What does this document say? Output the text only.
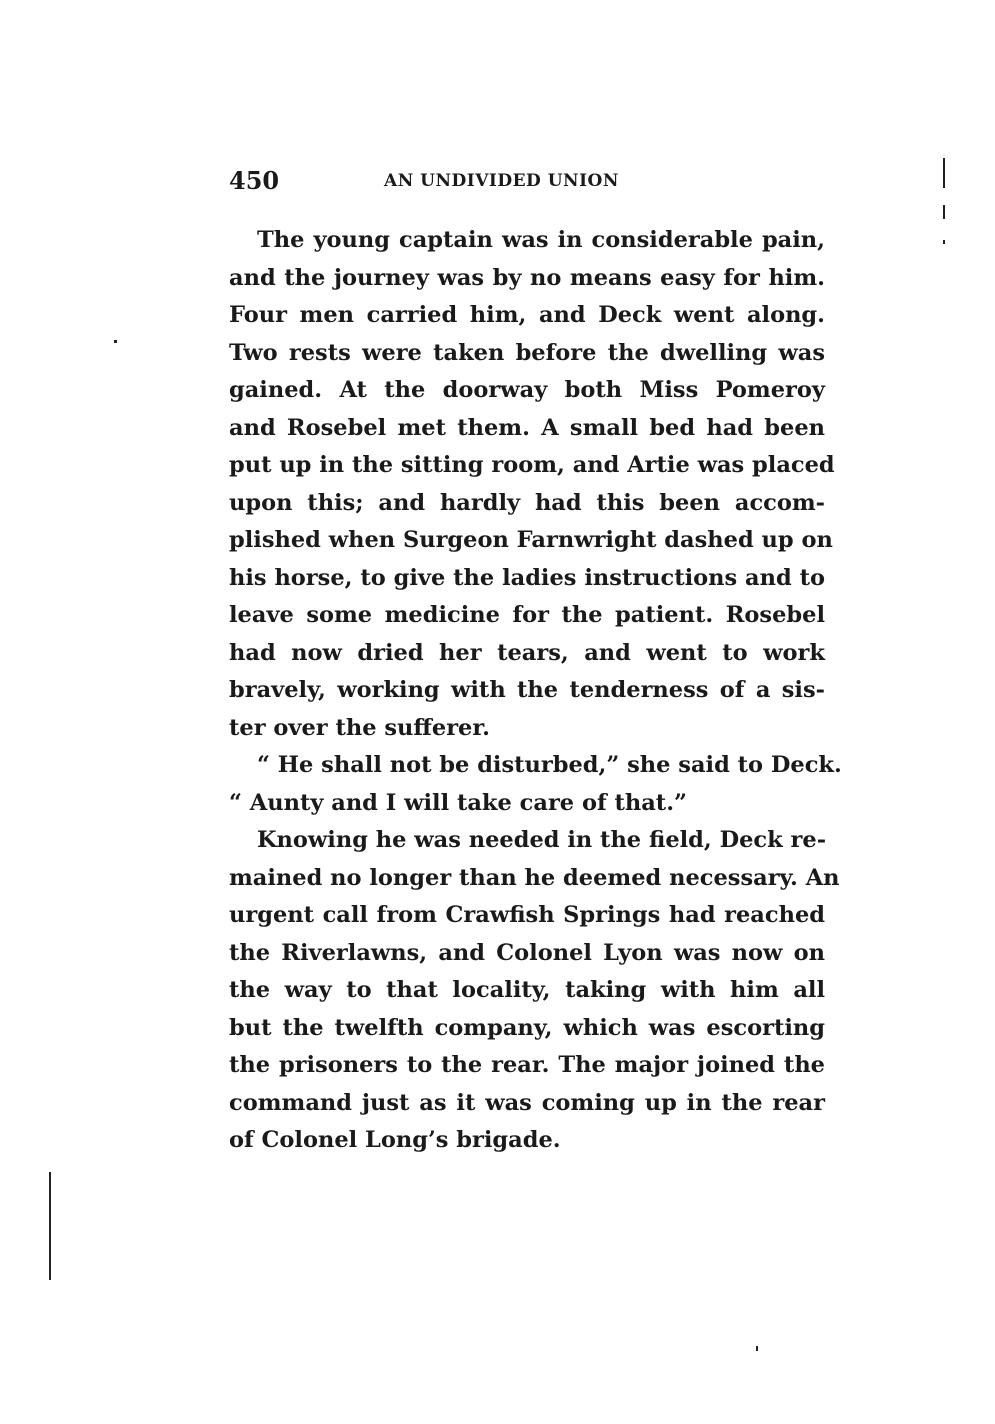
450	AN UNDIVIDED UNION
The young captain was in considerable pain,
and the journey was by no means easy for him.
Four men carried him, and Deck went along.
Two rests were taken before the dwelling was
gained. At the doorway both Miss Pomeroy
and Rosebel met them. A small bed had been
put up in the sitting room, and Artie was placed
upon this; and hardly had this been accom-
plished when Surgeon Farnwright dashed up on
his horse, to give the ladies instructions and to
leave some medicine for the patient. Rosebel
had now dried her tears, and went to work
bravely, working with the tenderness of a sis-
ter over the sufferer.
“ He shall not be disturbed,” she said to Deck.
“ Aunty and I will take care of that.”
Knowing he was needed in the field, Deck re-
mained no longer than he deemed necessary. An
urgent call from Crawfish Springs had reached
the Riverlawns, and Colonel Lyon was now on
the way to that locality, taking with him all
but the twelfth company, which was escorting
the prisoners to the rear. The major joined the
command just as it was coming up in the rear
of Colonel Long’s brigade.
